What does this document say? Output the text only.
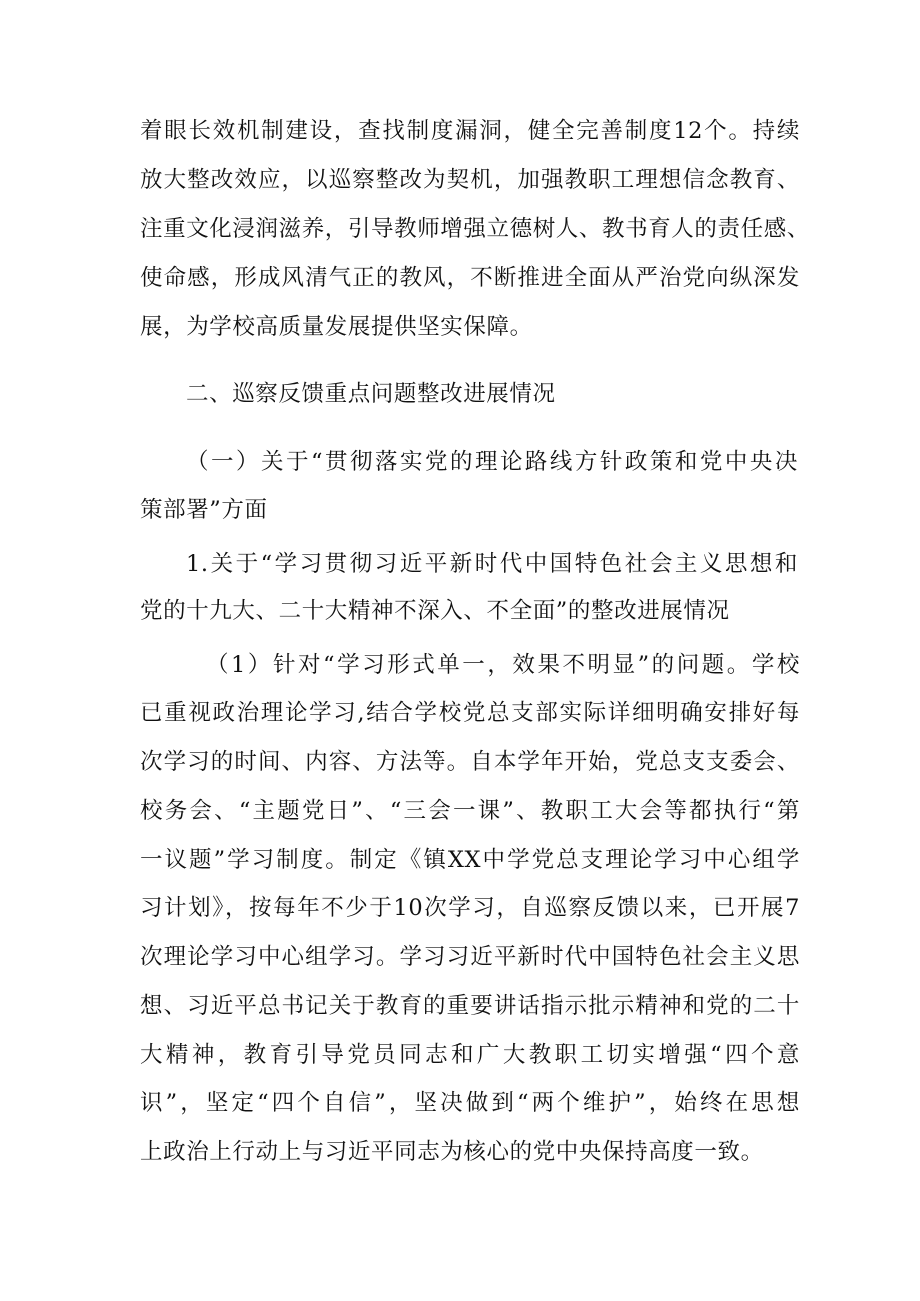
着眼长效机制建设，查找制度漏洞，健全完善制度12个。持续
放大整改效应，以巡察整改为契机，加强教职工理想信念教育、
注重文化浸润滋养，引导教师增强立德树人、教书育人的责任感、
使命感，形成风清气正的教风，不断推进全面从严治党向纵深发
展，为学校高质量发展提供坚实保障。
二、巡察反馈重点问题整改进展情况
（一）关于“贯彻落实党的理论路线方针政策和党中央决
策部署”方面
1.关于“学习贯彻习近平新时代中国特色社会主义思想和
党的十九大、二十大精神不深入、不全面”的整改进展情况
（1）针对“学习形式单一，效果不明显”的问题。学校
已重视政治理论学习,结合学校党总支部实际详细明确安排好每
次学习的时间、内容、方法等。自本学年开始，党总支支委会、
校务会、“主题党日”、“三会一课”、教职工大会等都执行“第
一议题”学习制度。制定《镇XX中学党总支理论学习中心组学
习计划》，按每年不少于10次学习，自巡察反馈以来，已开展7
次理论学习中心组学习。学习习近平新时代中国特色社会主义思
想、习近平总书记关于教育的重要讲话指示批示精神和党的二十
大精神，教育引导党员同志和广大教职工切实增强“四个意
识”，坚定“四个自信”，坚决做到“两个维护”，始终在思想
上政治上行动上与习近平同志为核心的党中央保持高度一致。
